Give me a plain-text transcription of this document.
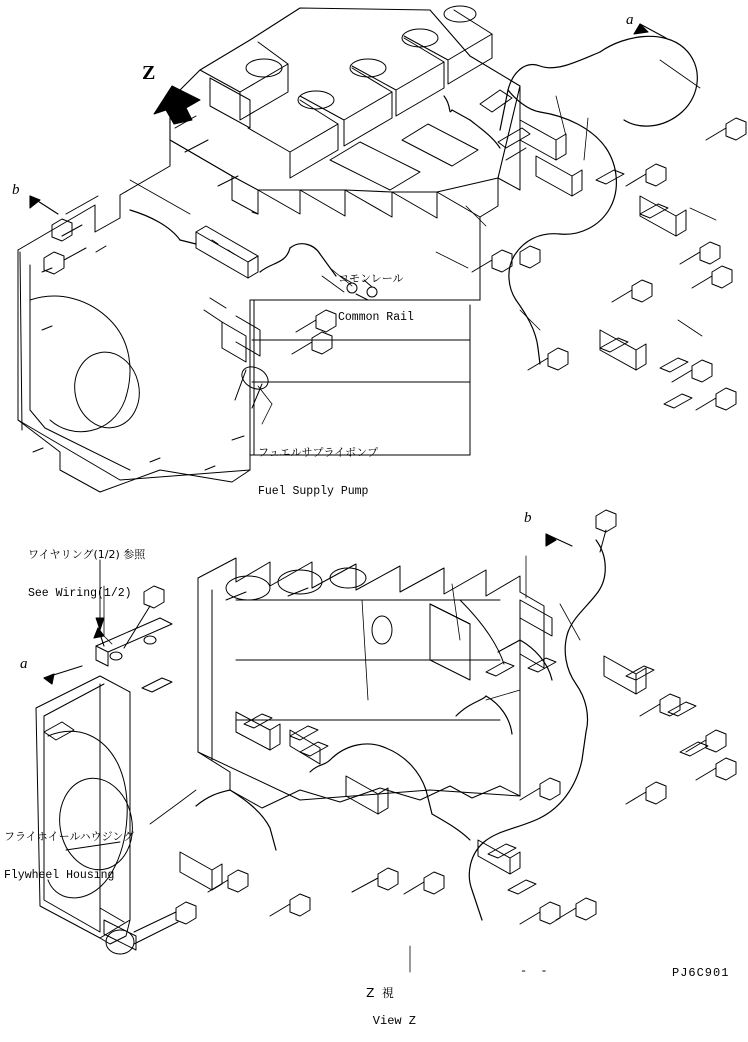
コモンレール

Common Rail

フュエルサプライポンプ

Fuel Supply Pump

ワイヤリング(1/2) 参照

See Wiring(1/2)

フライホイールハウジング

Flywheel Housing

Z  視

View Z

Z
a
b
b
a
- -	PJ6C901
